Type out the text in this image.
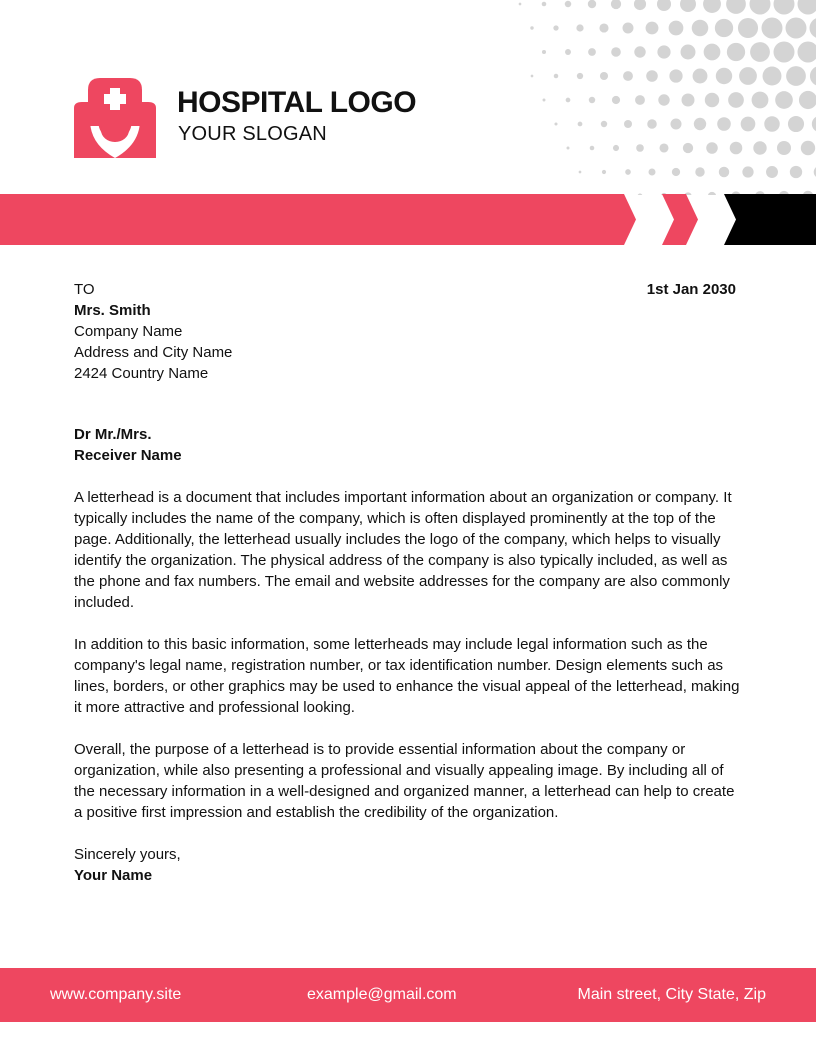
HOSPITAL LOGO
YOUR SLOGAN
1st Jan 2030

TO

Mrs. Smith

Company Name

Address and City Name

2424 Country Name

Dr Mr./Mrs.

Receiver Name

A letterhead is a document that includes important information about an organization or company. It typically includes the name of the company, which is often displayed prominently at the top of the page. Additionally, the letterhead usually includes the logo of the company, which helps to visually identify the organization. The physical address of the company is also typically included, as well as the phone and fax numbers. The email and website addresses for the company are also commonly included.

In addition to this basic information, some letterheads may include legal information such as the company's legal name, registration number, or tax identification number. Design elements such as lines, borders, or other graphics may be used to enhance the visual appeal of the letterhead, making it more attractive and professional looking.

Overall, the purpose of a letterhead is to provide essential information about the company or organization, while also presenting a professional and visually appealing image. By including all of the necessary information in a well-designed and organized manner, a letterhead can help to create a positive first impression and establish the credibility of the organization.

Sincerely yours,

Your Name

www.company.site	example@gmail.com	Main street, City State, Zip
